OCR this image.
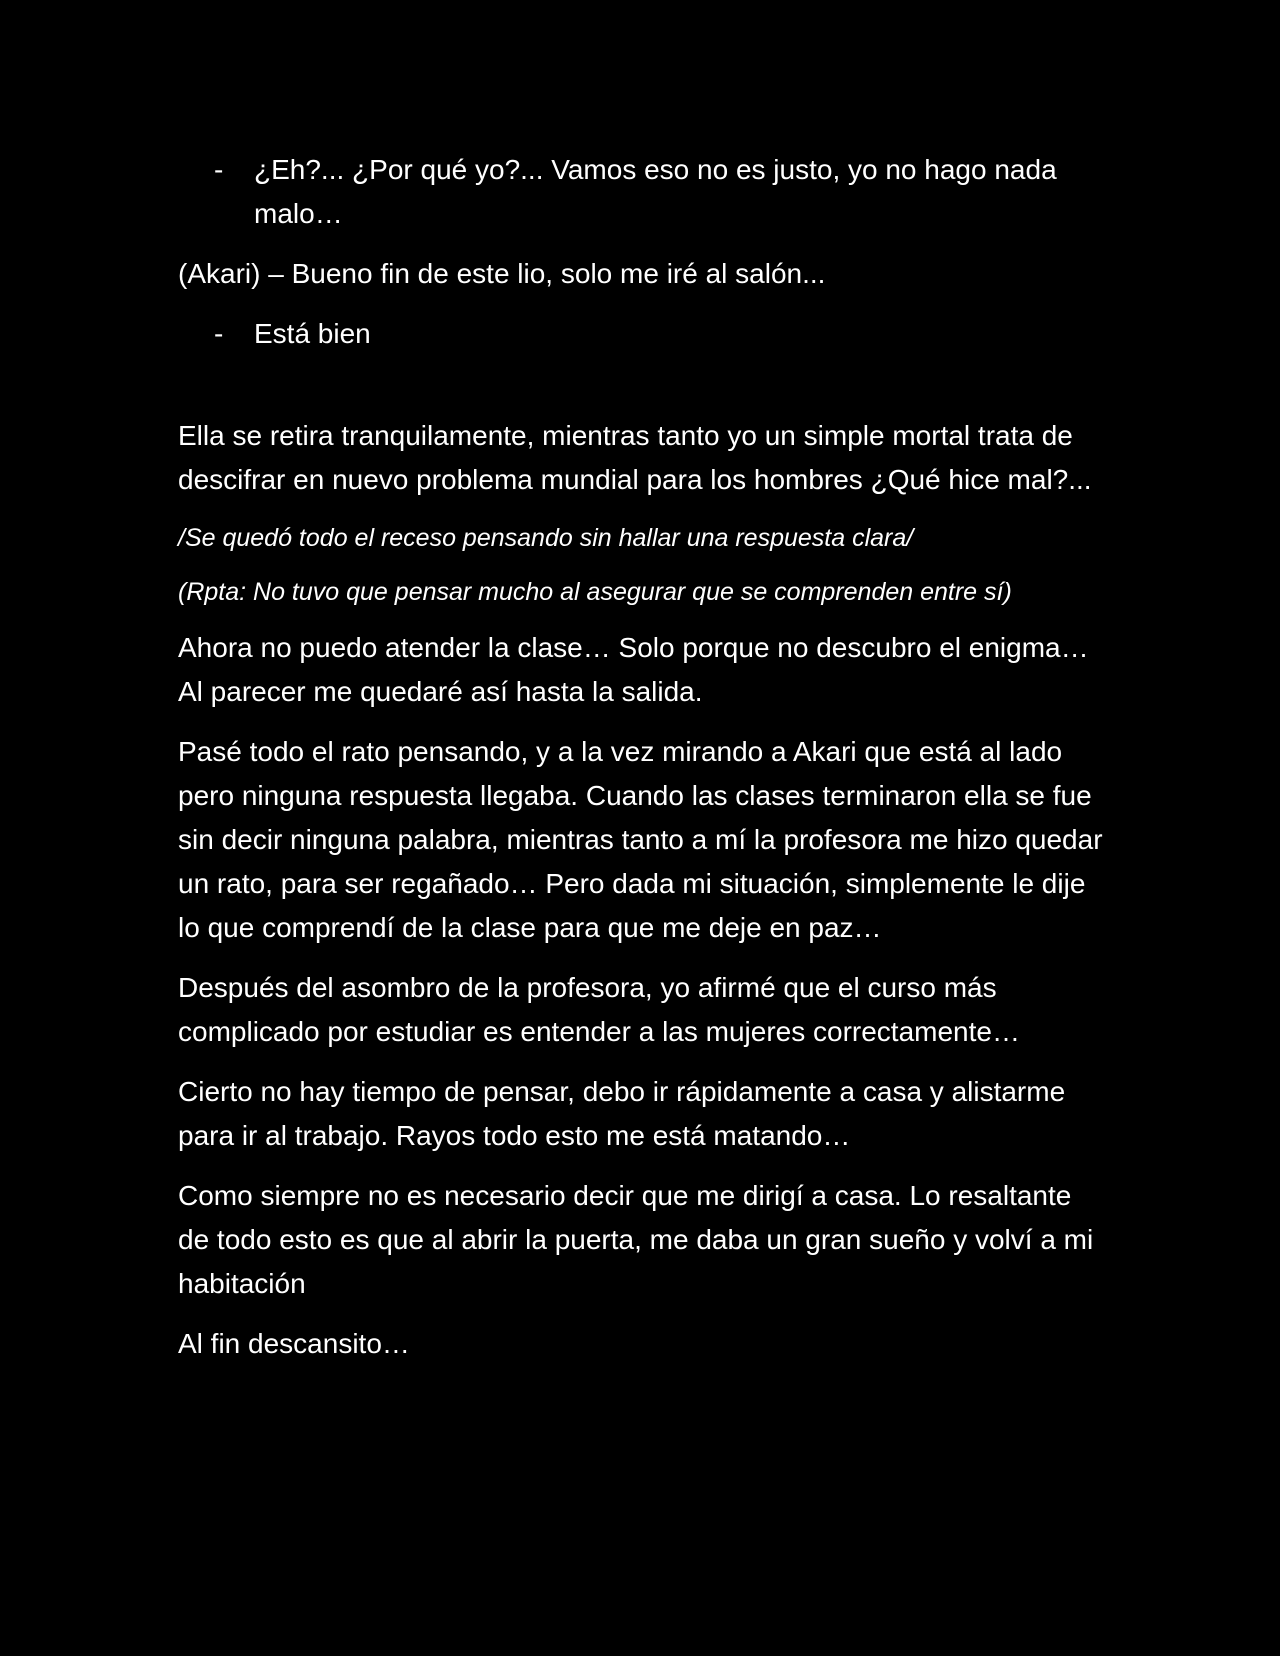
- ¿Eh?... ¿Por qué yo?... Vamos eso no es justo, yo no hago nada malo…

(Akari) – Bueno fin de este lio, solo me iré al salón...

- Está bien

Ella se retira tranquilamente, mientras tanto yo un simple mortal trata de descifrar en nuevo problema mundial para los hombres ¿Qué hice mal?...

/Se quedó todo el receso pensando sin hallar una respuesta clara/

(Rpta: No tuvo que pensar mucho al asegurar que se comprenden entre sí)

Ahora no puedo atender la clase… Solo porque no descubro el enigma… Al parecer me quedaré así hasta la salida.

Pasé todo el rato pensando, y a la vez mirando a Akari que está al lado pero ninguna respuesta llegaba. Cuando las clases terminaron ella se fue sin decir ninguna palabra, mientras tanto a mí la profesora me hizo quedar un rato, para ser regañado… Pero dada mi situación, simplemente le dije lo que comprendí de la clase para que me deje en paz…

Después del asombro de la profesora, yo afirmé que el curso más complicado por estudiar es entender a las mujeres correctamente…

Cierto no hay tiempo de pensar, debo ir rápidamente a casa y alistarme para ir al trabajo. Rayos todo esto me está matando…

Como siempre no es necesario decir que me dirigí a casa. Lo resaltante de todo esto es que al abrir la puerta, me daba un gran sueño y volví a mi habitación

Al fin descansito…
